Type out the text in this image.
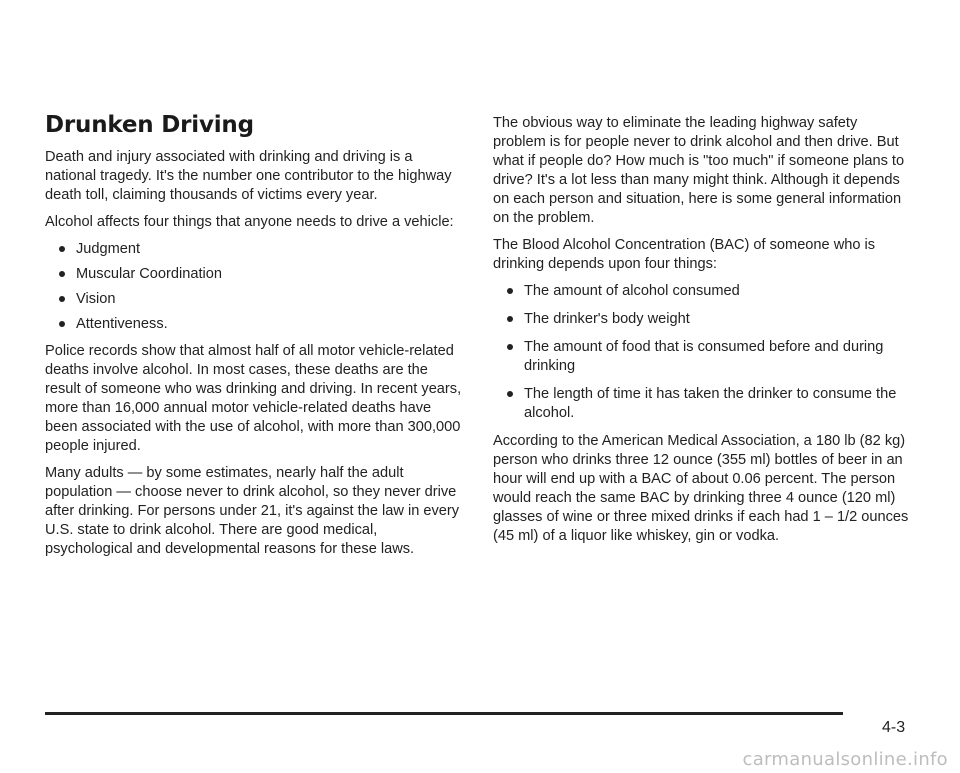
Drunken Driving

Death and injury associated with drinking and driving is a national tragedy. It's the number one contributor to the highway death toll, claiming thousands of victims every year.

Alcohol affects four things that anyone needs to drive a vehicle:

Judgment
Muscular Coordination
Vision
Attentiveness.

Police records show that almost half of all motor vehicle-related deaths involve alcohol. In most cases, these deaths are the result of someone who was drinking and driving. In recent years, more than 16,000 annual motor vehicle-related deaths have been associated with the use of alcohol, with more than 300,000 people injured.

Many adults — by some estimates, nearly half the adult population — choose never to drink alcohol, so they never drive after drinking. For persons under 21, it's against the law in every U.S. state to drink alcohol. There are good medical, psychological and developmental reasons for these laws.

The obvious way to eliminate the leading highway safety problem is for people never to drink alcohol and then drive. But what if people do? How much is "too much" if someone plans to drive? It's a lot less than many might think. Although it depends on each person and situation, here is some general information on the problem.

The Blood Alcohol Concentration (BAC) of someone who is drinking depends upon four things:

The amount of alcohol consumed
The drinker's body weight
The amount of food that is consumed before and during drinking
The length of time it has taken the drinker to consume the alcohol.

According to the American Medical Association, a 180 lb (82 kg) person who drinks three 12 ounce (355 ml) bottles of beer in an hour will end up with a BAC of about 0.06 percent. The person would reach the same BAC by drinking three 4 ounce (120 ml) glasses of wine or three mixed drinks if each had 1 – 1/2 ounces (45 ml) of a liquor like whiskey, gin or vodka.

4-3
carmanualsonline.info
